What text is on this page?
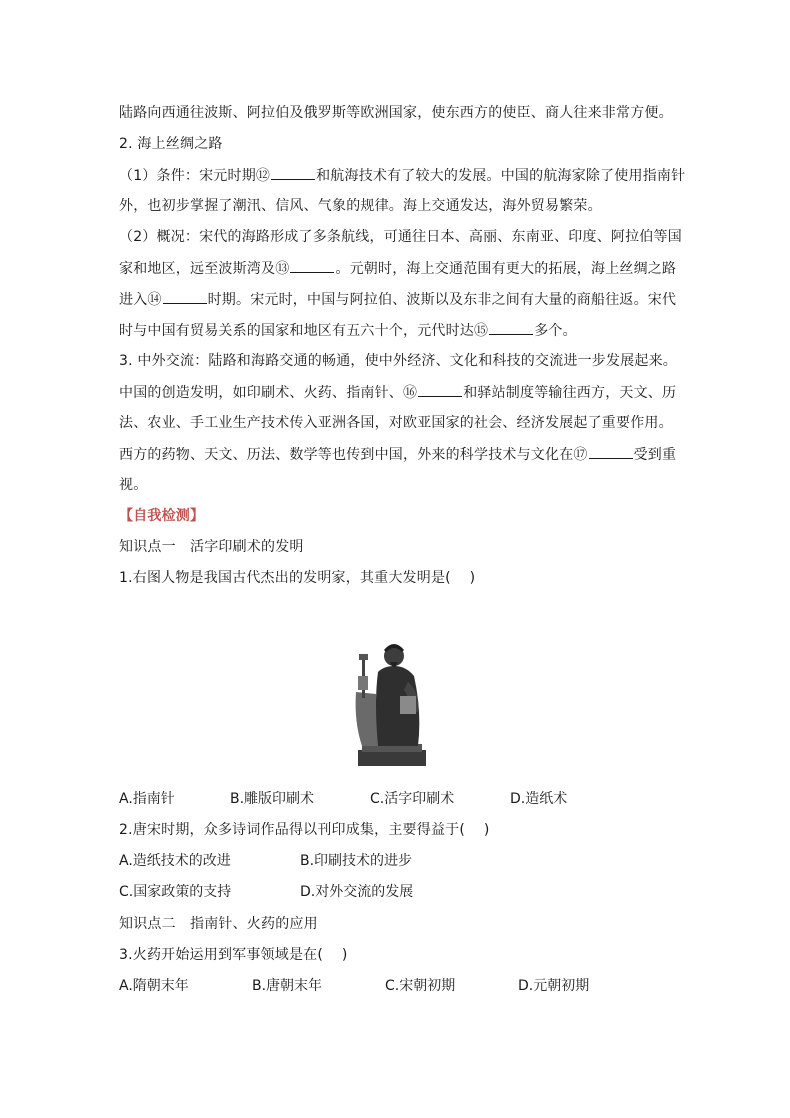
陆路向西通往波斯、阿拉伯及俄罗斯等欧洲国家，使东西方的使臣、商人往来非常方便。
2. 海上丝绸之路
（1）条件：宋元时期⑫	和航海技术有了较大的发展。中国的航海家除了使用指南针
外，也初步掌握了潮汛、信风、气象的规律。海上交通发达，海外贸易繁荣。
（2）概况：宋代的海路形成了多条航线，可通往日本、高丽、东南亚、印度、阿拉伯等国
家和地区，远至波斯湾及⑬	。元朝时，海上交通范围有更大的拓展，海上丝绸之路
进入⑭	时期。宋元时，中国与阿拉伯、波斯以及东非之间有大量的商船往返。宋代
时与中国有贸易关系的国家和地区有五六十个，元代时达⑮	多个。
3. 中外交流：陆路和海路交通的畅通，使中外经济、文化和科技的交流进一步发展起来。
中国的创造发明，如印刷术、火药、指南针、⑯	和驿站制度等输往西方，天文、历
法、农业、手工业生产技术传入亚洲各国，对欧亚国家的社会、经济发展起了重要作用。
西方的药物、天文、历法、数学等也传到中国，外来的科学技术与文化在⑰	受到重
视。
【自我检测】
知识点一　活字印刷术的发明
1.右图人物是我国古代杰出的发明家，其重大发明是(　 )
A.指南针	B.雕版印刷术	C.活字印刷术	D.造纸术
2.唐宋时期，众多诗词作品得以刊印成集，主要得益于(　 )
A.造纸技术的改进	B.印刷技术的进步
C.国家政策的支持	D.对外交流的发展
知识点二　指南针、火药的应用
3.火药开始运用到军事领域是在(　 )
A.隋朝末年	B.唐朝末年	C.宋朝初期	D.元朝初期
